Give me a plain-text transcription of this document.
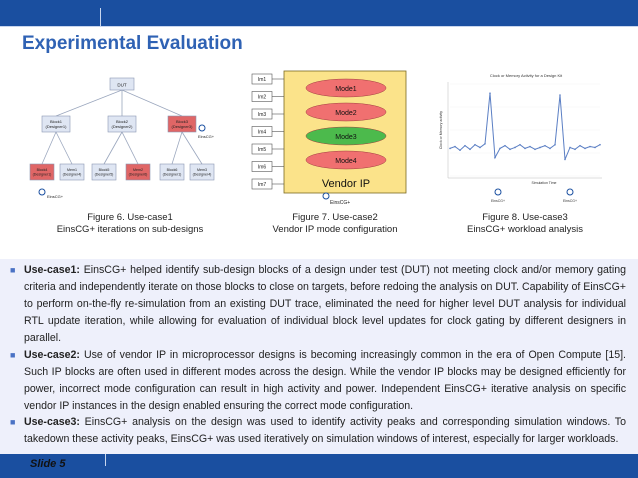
Experimental Evaluation
DUT
Block1
(Designer1)
Block2
(Designer2)
Block3
(Designer3)
Block4
(Designer1)
Mem1
(Designer4)
Block5
(Designer5)
Mem2
(Designer6)
Block6
(Designer1)
Mem3
(Designer4)
EinsCG+
EinsCG+
Im1
Im2
Im3
Im4
Im5
Im6
Im7
Mode1
Mode2
Mode3
Mode4
Vendor IP
EinsCG+
Clock or Memory Activity for a Design Kit
Clock or Memory activity
Simulation Time
EinsCG+	EinsCG+
Figure 6. Use-case1
EinsCG+ iterations on sub-designs
Figure 7. Use-case2
Vendor IP mode configuration
Figure 8. Use-case3
EinsCG+ workload analysis
■ Use-case1: EinsCG+ helped identify sub-design blocks of a design under test (DUT) not meeting clock and/or memory gating criteria and independently iterate on those blocks to close on targets, before redoing the analysis on DUT. Capability of EinsCG+ to perform on-the-fly re-simulation from an existing DUT trace, eliminated the need for higher level DUT analysis for individual RTL update iteration, while allowing for evaluation of individual block level updates for clock gating by different designers in parallel.
■ Use-case2: Use of vendor IP in microprocessor designs is becoming increasingly common in the era of Open Compute [15]. Such IP blocks are often used in different modes across the design. While the vendor IP blocks may be designed efficiently for power, incorrect mode configuration can result in high activity and power. Independent EinsCG+ iterative analysis on specific vendor IP instances in the design enabled ensuring the correct mode configuration.
■ Use-case3: EinsCG+ analysis on the design was used to identify activity peaks and corresponding simulation windows. To takedown these activity peaks, EinsCG+ was used iteratively on simulation windows of interest, especially for larger workloads.
Slide 5
